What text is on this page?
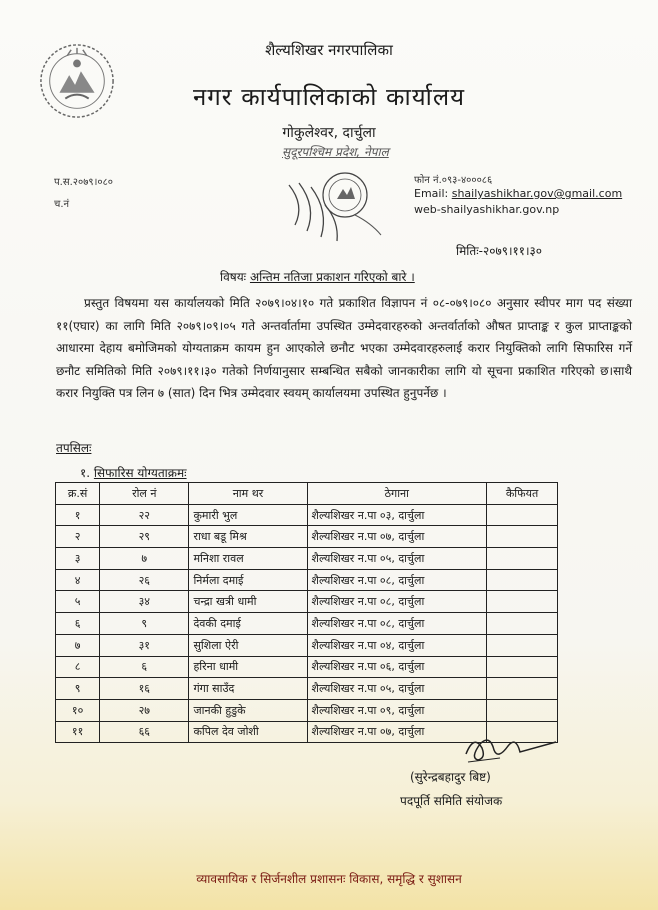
शैल्यशिखर नगरपालिका
नगर कार्यपालिकाको कार्यालय
गोकुलेश्वर, दार्चुला
सुदूरपश्चिम प्रदेश, नेपाल
प.स.२०७९।०८०
च.नं
फोन नं.०९३-४०००८६
Email: shailyashikhar.gov@gmail.com
web-shailyashikhar.gov.np
मितिः-२०७९।११।३०
विषयः अन्तिम नतिजा प्रकाशन गरिएको बारे ।

प्रस्तुत विषयमा यस कार्यालयको मिति २०७९।०४।१० गते प्रकाशित विज्ञापन नं ०८-०७९।०८० अनुसार स्वीपर माग पद संख्या ११(एघार) का लागि मिति २०७९।०९।०५ गते अन्तर्वार्तामा उपस्थित उम्मेदवारहरुको अन्तर्वार्ताको औषत प्राप्ताङ्क र कुल प्राप्ताङ्कको आधारमा देहाय बमोजिमको योग्यताक्रम कायम हुन आएकोले छनौट भएका उम्मेदवारहरुलाई करार नियुक्तिको लागि सिफारिस गर्ने छनौट समितिको मिति २०७९।११।३० गतेको निर्णयानुसार सम्बन्धित सबैको जानकारीका लागि यो सूचना प्रकाशित गरिएको छ।साथै करार नियुक्ति पत्र लिन ७ (सात) दिन भित्र उम्मेदवार स्वयम् कार्यालयमा उपस्थित हुनुपर्नेछ ।

तपसिलः
१. सिफारिस योग्यताक्रमः
क्र.सं	रोल नं	नाम थर	ठेगाना	कैफियत
१	२२	कुमारी भुल	शैल्यशिखर न.पा ०३, दार्चुला	
२	२९	राधा बडू मिश्र	शैल्यशिखर न.पा ०७, दार्चुला	
३	७	मनिशा रावल	शैल्यशिखर न.पा ०५, दार्चुला	
४	२६	निर्मला दमाई	शैल्यशिखर न.पा ०८, दार्चुला	
५	३४	चन्द्रा खत्री धामी	शैल्यशिखर न.पा ०८, दार्चुला	
६	९	देवकी दमाई	शैल्यशिखर न.पा ०८, दार्चुला	
७	३१	सुशिला ऐरी	शैल्यशिखर न.पा ०४, दार्चुला	
८	६	हरिना धामी	शैल्यशिखर न.पा ०६, दार्चुला	
९	१६	गंगा साउँद	शैल्यशिखर न.पा ०५, दार्चुला	
१०	२७	जानकी हुडुके	शैल्यशिखर न.पा ०९, दार्चुला	
११	६६	कपिल देव जोशी	शैल्यशिखर न.पा ०७, दार्चुला	
(सुरेन्द्रबहादुर बिष्ट)
पदपूर्ति समिति संयोजक
व्यावसायिक र सिर्जनशील प्रशासनः विकास, समृद्धि र सुशासन
